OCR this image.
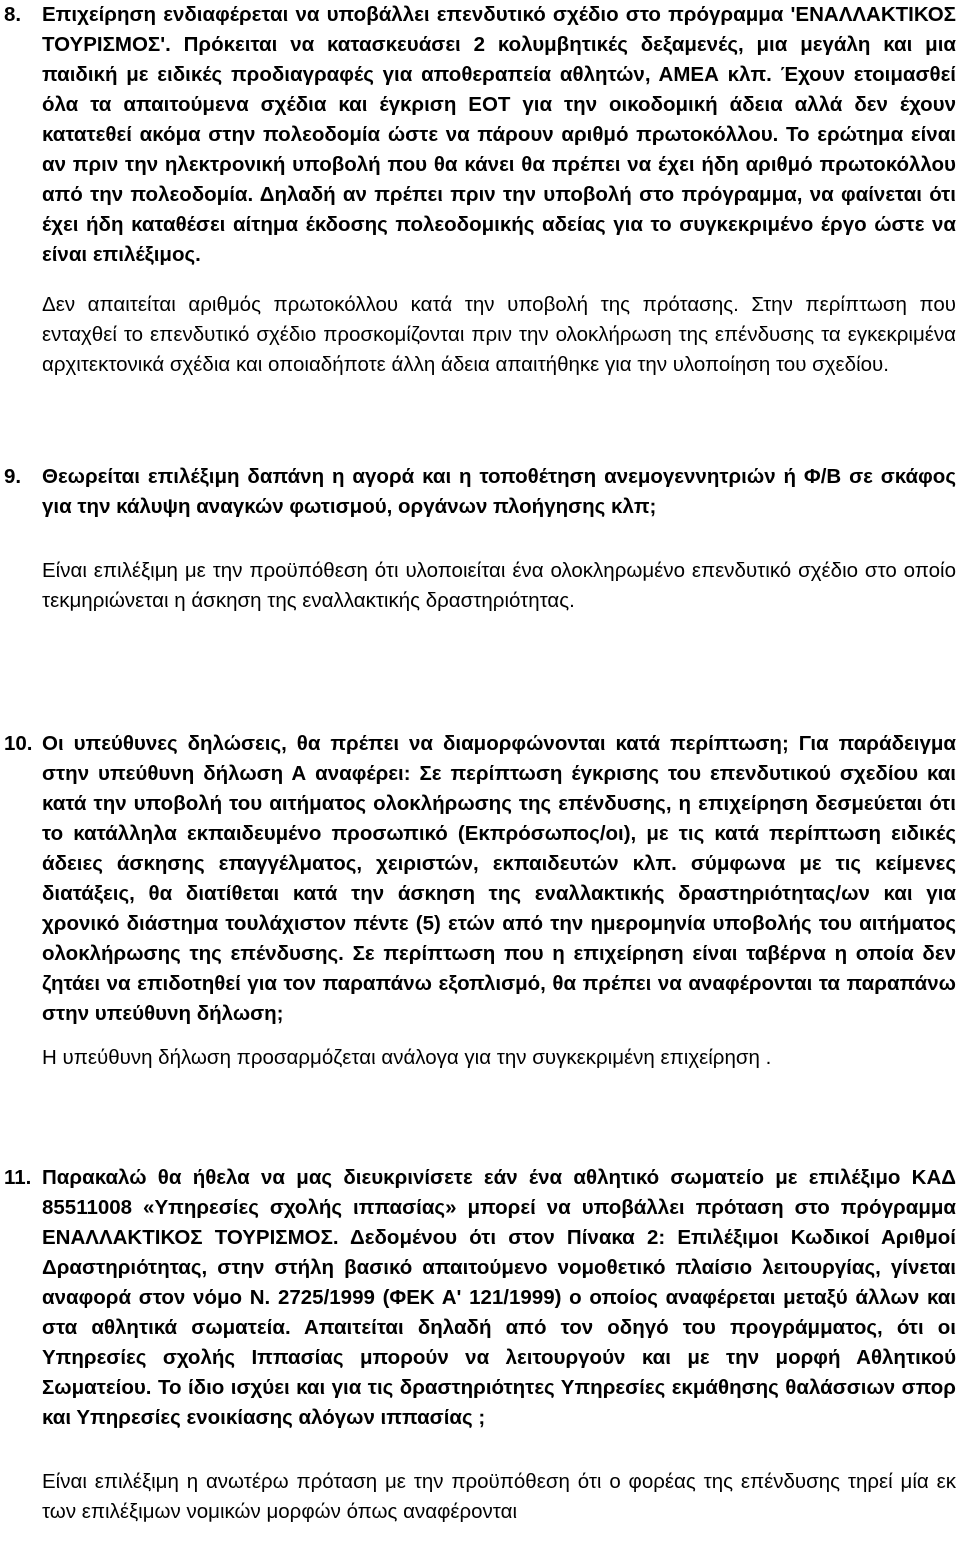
8. Επιχείρηση ενδιαφέρεται να υποβάλλει επενδυτικό σχέδιο στο πρόγραμμα 'ΕΝΑΛΛΑΚΤΙΚΟΣ ΤΟΥΡΙΣΜΟΣ'. Πρόκειται να κατασκευάσει 2 κολυμβητικές δεξαμενές, μια μεγάλη και μια παιδική με ειδικές προδιαγραφές για αποθεραπεία αθλητών, ΑΜΕΑ κλπ. Έχουν ετοιμασθεί όλα τα απαιτούμενα σχέδια και έγκριση ΕΟΤ για την οικοδομική άδεια αλλά δεν έχουν κατατεθεί ακόμα στην πολεοδομία ώστε να πάρουν αριθμό πρωτοκόλλου. Το ερώτημα είναι αν πριν την ηλεκτρονική υποβολή που θα κάνει θα πρέπει να έχει ήδη αριθμό πρωτοκόλλου από την πολεοδομία. Δηλαδή αν πρέπει πριν την υποβολή στο πρόγραμμα, να φαίνεται ότι έχει ήδη καταθέσει αίτημα έκδοσης πολεοδομικής αδείας για το συγκεκριμένο έργο ώστε να είναι επιλέξιμος.

Δεν απαιτείται αριθμός πρωτοκόλλου κατά την υποβολή της πρότασης. Στην περίπτωση που ενταχθεί το επενδυτικό σχέδιο προσκομίζονται πριν την ολοκλήρωση της επένδυσης τα εγκεκριμένα αρχιτεκτονικά σχέδια και οποιαδήποτε άλλη άδεια απαιτήθηκε για την υλοποίηση του σχεδίου.

9. Θεωρείται επιλέξιμη δαπάνη η αγορά και η τοποθέτηση ανεμογεννητριών ή Φ/Β σε σκάφος για την κάλυψη αναγκών φωτισμού, οργάνων πλοήγησης κλπ;

Είναι επιλέξιμη με την προϋπόθεση ότι υλοποιείται ένα ολοκληρωμένο επενδυτικό σχέδιο στο οποίο τεκμηριώνεται η άσκηση της εναλλακτικής δραστηριότητας.

10. Οι υπεύθυνες δηλώσεις, θα πρέπει να διαμορφώνονται κατά περίπτωση; Για παράδειγμα στην υπεύθυνη δήλωση Α αναφέρει: Σε περίπτωση έγκρισης του επενδυτικού σχεδίου και κατά την υποβολή του αιτήματος ολοκλήρωσης της επένδυσης, η επιχείρηση δεσμεύεται ότι το κατάλληλα εκπαιδευμένο προσωπικό (Εκπρόσωπος/οι), με τις κατά περίπτωση ειδικές άδειες άσκησης επαγγέλματος, χειριστών, εκπαιδευτών κλπ. σύμφωνα με τις κείμενες διατάξεις, θα διατίθεται κατά την άσκηση της εναλλακτικής δραστηριότητας/ων και για χρονικό διάστημα τουλάχιστον πέντε (5) ετών από την ημερομηνία υποβολής του αιτήματος ολοκλήρωσης της επένδυσης. Σε περίπτωση που η επιχείρηση είναι ταβέρνα η οποία δεν ζητάει να επιδοτηθεί για τον παραπάνω εξοπλισμό, θα πρέπει να αναφέρονται τα παραπάνω στην υπεύθυνη δήλωση;

Η υπεύθυνη δήλωση προσαρμόζεται ανάλογα για την συγκεκριμένη επιχείρηση .

11. Παρακαλώ θα ήθελα να μας διευκρινίσετε εάν ένα αθλητικό σωματείο με επιλέξιμο ΚΑΔ 85511008 «Υπηρεσίες σχολής ιππασίας» μπορεί να υποβάλλει πρόταση στο πρόγραμμα ΕΝΑΛΛΑΚΤΙΚΟΣ ΤΟΥΡΙΣΜΟΣ. Δεδομένου ότι στον Πίνακα 2: Επιλέξιμοι Κωδικοί Αριθμοί Δραστηριότητας, στην στήλη βασικό απαιτούμενο νομοθετικό πλαίσιο λειτουργίας, γίνεται αναφορά στον νόμο Ν. 2725/1999 (ΦΕΚ Α' 121/1999) ο οποίος αναφέρεται μεταξύ άλλων και στα αθλητικά σωματεία. Απαιτείται δηλαδή από τον οδηγό του προγράμματος, ότι οι Υπηρεσίες σχολής Ιππασίας μπορούν να λειτουργούν και με την μορφή Αθλητικού Σωματείου. Το ίδιο ισχύει και για τις δραστηριότητες Υπηρεσίες εκμάθησης θαλάσσιων σπορ και Υπηρεσίες ενοικίασης αλόγων ιππασίας ;

Είναι επιλέξιμη η ανωτέρω πρόταση με την προϋπόθεση ότι ο φορέας της επένδυσης τηρεί μία εκ των επιλέξιμων νομικών μορφών όπως αναφέρονται
